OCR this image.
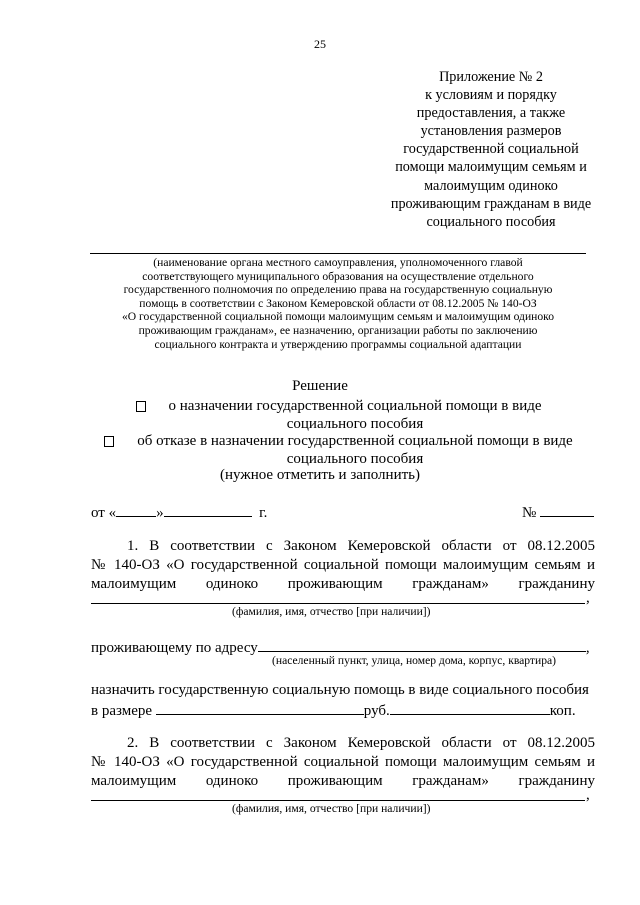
25
Приложение № 2
к условиям и порядку
предоставления, а также
установления размеров
государственной социальной
помощи малоимущим семьям и
малоимущим одиноко
проживающим гражданам в виде
социального пособия
(наименование органа местного самоуправления, уполномоченного главой
соответствующего муниципального образования на осуществление отдельного
государственного полномочия по определению права на государственную социальную
помощь в соответствии с Законом Кемеровской области от 08.12.2005 № 140-ОЗ
«О государственной социальной помощи малоимущим семьям и малоимущим одиноко
проживающим гражданам», ее назначению, организации работы по заключению
социального контракта и утверждению программы социальной адаптации
Решение
о назначении государственной социальной помощи в виде
социального пособия
об отказе в назначении государственной социальной помощи в виде
социального пособия
(нужное отметить и заполнить)
от «	»	г.	№
1. В соответствии с Законом Кемеровской области от 08.12.2005
№ 140-ОЗ «О государственной социальной помощи малоимущим семьям и
малоимущим одиноко проживающим гражданам» гражданину
,
(фамилия, имя, отчество [при наличии])
проживающему по адресу	,
(населенный пункт, улица, номер дома, корпус, квартира)
назначить государственную социальную помощь в виде социального пособия
в размере	руб.	коп.
2. В соответствии с Законом Кемеровской области от 08.12.2005
№ 140-ОЗ «О государственной социальной помощи малоимущим семьям и
малоимущим одиноко проживающим гражданам» гражданину
,
(фамилия, имя, отчество [при наличии])
